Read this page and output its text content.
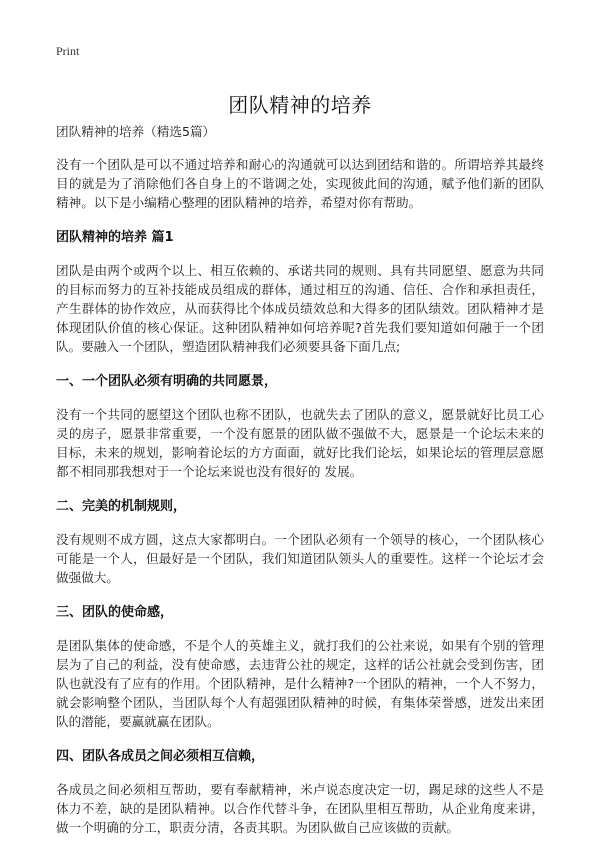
Print
团队精神的培养

团队精神的培养（精选5篇）

没有一个团队是可以不通过培养和耐心的沟通就可以达到团结和谐的。所谓培养其最终目的就是为了消除他们各自身上的不谐调之处，实现彼此间的沟通，赋予他们新的团队精神。以下是小编精心整理的团队精神的培养，希望对你有帮助。

团队精神的培养 篇1

团队是由两个或两个以上、相互依赖的、承诺共同的规则、具有共同愿望、愿意为共同的目标而努力的互补技能成员组成的群体，通过相互的沟通、信任、合作和承担责任，产生群体的协作效应，从而获得比个体成员绩效总和大得多的团队绩效。团队精神才是体现团队价值的核心保证。这种团队精神如何培养呢?首先我们要知道如何融于一个团队。要融入一个团队，塑造团队精神我们必须要具备下面几点;

一、一个团队必须有明确的共同愿景，

没有一个共同的愿望这个团队也称不团队，也就失去了团队的意义，愿景就好比员工心灵的房子，愿景非常重要，一个没有愿景的团队做不强做不大，愿景是一个论坛未来的目标，未来的规划，影响着论坛的方方面面，就好比我们论坛，如果论坛的管理层意愿都不相同那我想对于一个论坛来说也没有很好的 发展。

二、完美的机制规则，

没有规则不成方圆，这点大家都明白。一个团队必须有一个领导的核心，一个团队核心可能是一个人，但最好是一个团队，我们知道团队领头人的重要性。这样一个论坛才会做强做大。

三、团队的使命感，

是团队集体的使命感，不是个人的英雄主义，就打我们的公社来说，如果有个别的管理层为了自己的利益，没有使命感，去违背公社的规定，这样的话公社就会受到伤害，团队也就没有了应有的作用。个团队精神，是什么精神?一个团队的精神，一个人不努力，就会影响整个团队，当团队每个人有超强团队精神的时候，有集体荣誉感，迸发出来团队的潜能，要赢就赢在团队。

四、团队各成员之间必须相互信赖，

各成员之间必须相互帮助，要有奉献精神，米卢说态度决定一切，踢足球的这些人不是体力不差，缺的是团队精神。以合作代替斗争，在团队里相互帮助，从企业角度来讲，做一个明确的分工，职责分清，各责其职。为团队做自己应该做的贡献。
